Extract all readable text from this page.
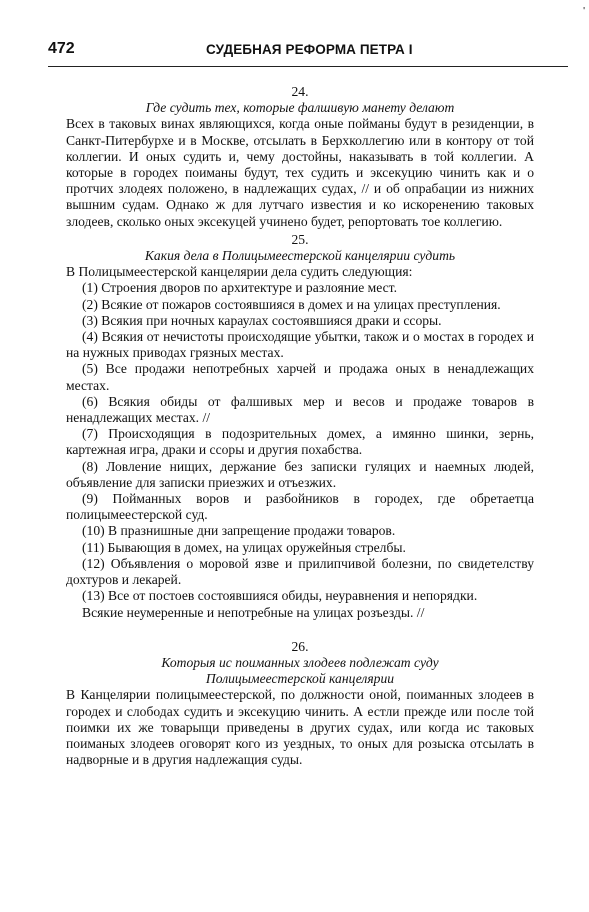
472	СУДЕБНАЯ РЕФОРМА ПЕТРА I
'

24.

Где судить тех, которые фалшивую манету делают

Всех в таковых винах являющихся, когда оные пойманы будут в резиденции, в Санкт-Питербурхе и в Москве, отсылать в Берхколлегию или в контору от той коллегии. И оных судить и, чему достойны, наказывать в той коллегии. А которые в городех поиманы будут, тех судить и эксекуцию чинить как и о протчих злодеях положено, в надлежащих судах, // и об опрабации из нижних вышним судам. Однако ж для лутчаго известия и ко искоренению таковых злодеев, сколько оных эксекуцей учинено будет, репортовать тое коллегию.

25.

Какия дела в Полицымеестерской канцелярии судить

В Полицымеестерской канцелярии дела судить следующия:

(1) Строения дворов по архитектуре и разлояние мест.

(2) Всякие от пожаров состоявшияся в домех и на улицах преступления.

(3) Всякия при ночных караулах состоявшияся драки и ссоры.

(4) Всякия от нечистоты происходящие убытки, також и о мостах в городех и на нужных приводах грязных местах.

(5) Все продажи непотребных харчей и продажа оных в ненадлежащих местах.

(6) Всякия обиды от фалшивых мер и весов и продаже товаров в ненадлежащих местах. //

(7) Происходящия в подозрительных домех, а имянно шинки, зернь, картежная игра, драки и ссоры и другия похабства.

(8) Ловление нищих, держание без записки гуляцих и наемных людей, объявление для записки приезжих и отъезжих.

(9) Пойманных воров и разбойников в городех, где обретаетца полицымеестерской суд.

(10) В празнишные дни запрещение продажи товаров.

(11) Бывающия в домех, на улицах оружейныя стрелбы.

(12) Объявления о моровой язве и прилипчивой болезни, по свидетелству дохтуров и лекарей.

(13) Все от постоев состоявшияся обиды, неуравнения и непорядки.

Всякие неумеренные и непотребные на улицах розъезды. //

26.

Которыя ис поиманных злодеев подлежат суду

Полицымеестерской канцелярии

В Канцелярии полицымеестерской, по должности оной, поиманных злодеев в городех и слободах судить и эксекуцию чинить. А естли прежде или после той поимки их же товарыщи приведены в других судах, или когда ис таковых поиманых злодеев оговорят кого из уездных, то оных для розыска отсылать в надворные и в другия надлежащия суды.
